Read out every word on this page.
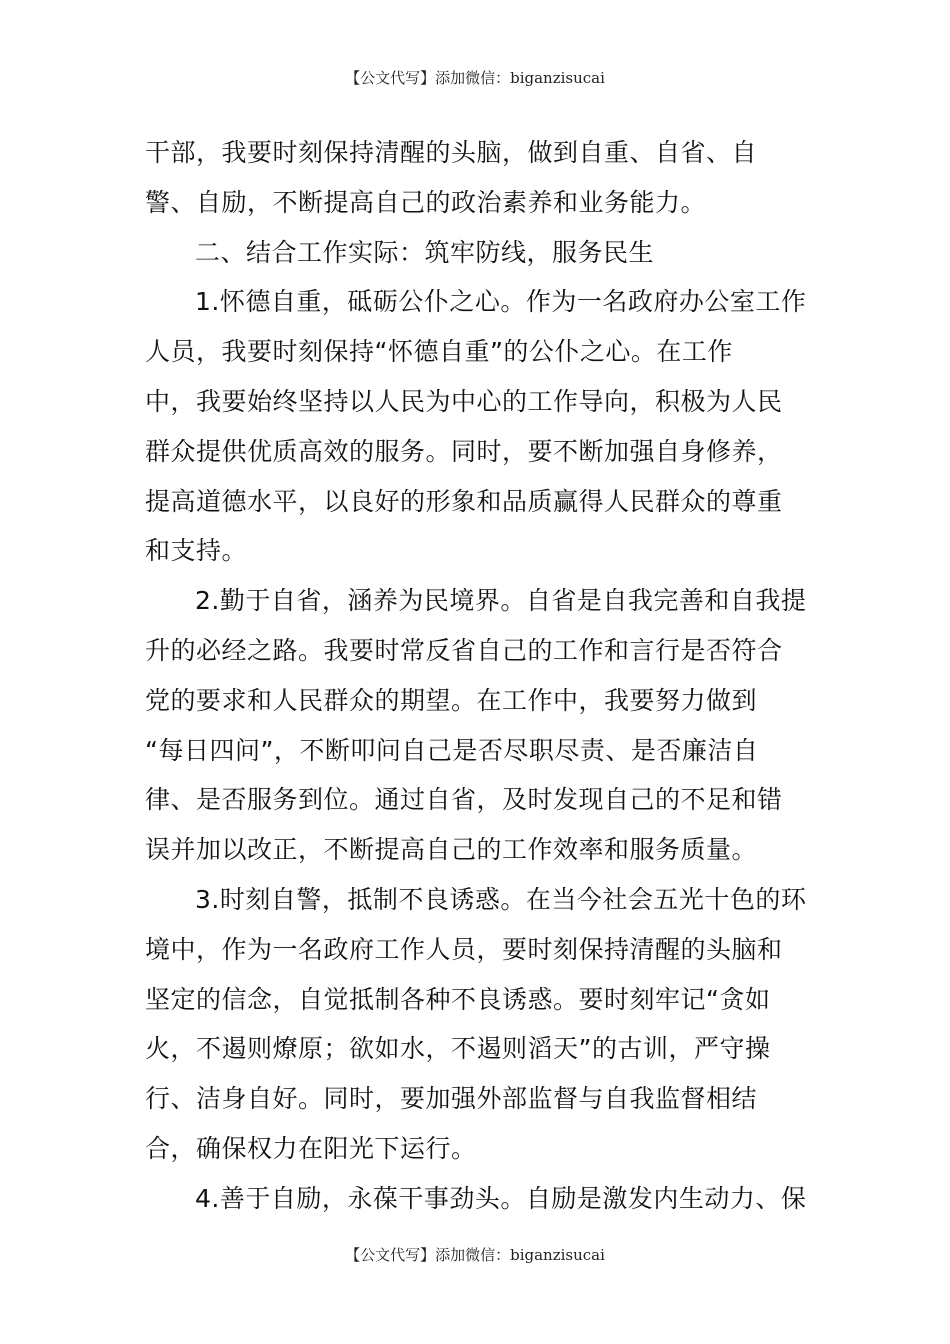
【公文代写】添加微信：biganzisucai
干部，我要时刻保持清醒的头脑，做到自重、自省、自
警、自励，不断提高自己的政治素养和业务能力。
二、结合工作实际：筑牢防线，服务民生
1.怀德自重，砥砺公仆之心。作为一名政府办公室工作
人员，我要时刻保持“怀德自重”的公仆之心。在工作
中，我要始终坚持以人民为中心的工作导向，积极为人民
群众提供优质高效的服务。同时，要不断加强自身修养，
提高道德水平，以良好的形象和品质赢得人民群众的尊重
和支持。
2.勤于自省，涵养为民境界。自省是自我完善和自我提
升的必经之路。我要时常反省自己的工作和言行是否符合
党的要求和人民群众的期望。在工作中，我要努力做到
“每日四问”，不断叩问自己是否尽职尽责、是否廉洁自
律、是否服务到位。通过自省，及时发现自己的不足和错
误并加以改正，不断提高自己的工作效率和服务质量。
3.时刻自警，抵制不良诱惑。在当今社会五光十色的环
境中，作为一名政府工作人员，要时刻保持清醒的头脑和
坚定的信念，自觉抵制各种不良诱惑。要时刻牢记“贪如
火，不遏则燎原；欲如水，不遏则滔天”的古训，严守操
行、洁身自好。同时，要加强外部监督与自我监督相结
合，确保权力在阳光下运行。
4.善于自励，永葆干事劲头。自励是激发内生动力、保
【公文代写】添加微信：biganzisucai
